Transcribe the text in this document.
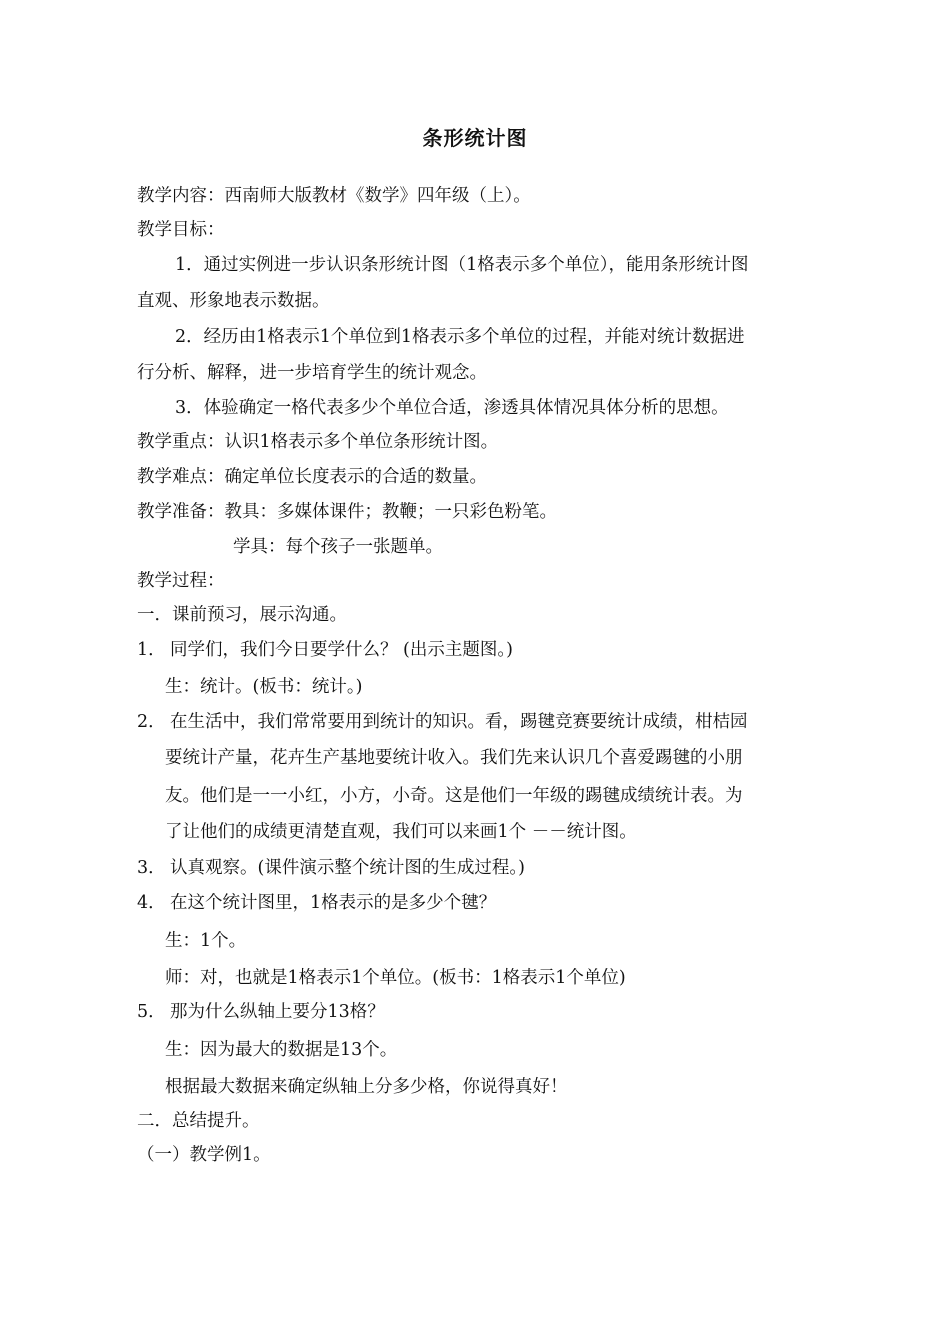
条形统计图
教学内容：西南师大版教材《数学》四年级（上）。
教学目标：
1．通过实例进一步认识条形统计图（1格表示多个单位），能用条形统计图
直观、形象地表示数据。
2．经历由1格表示1个单位到1格表示多个单位的过程，并能对统计数据进
行分析、解释，进一步培育学生的统计观念。
3．体验确定一格代表多少个单位合适，渗透具体情况具体分析的思想。
教学重点：认识1格表示多个单位条形统计图。
教学难点：确定单位长度表示的合适的数量。
教学准备：教具：多媒体课件；教鞭；一只彩色粉笔。
学具：每个孩子一张题单。
教学过程：
一．课前预习，展示沟通。
1． 同学们，我们今日要学什么？ (出示主题图。)
生：统计。(板书：统计。)
2． 在生活中，我们常常要用到统计的知识。看，踢毽竞赛要统计成绩，柑桔园
要统计产量，花卉生产基地要统计收入。我们先来认识几个喜爱踢毽的小朋
友。他们是一一小红，小方，小奇。这是他们一年级的踢毽成绩统计表。为
了让他们的成绩更清楚直观，我们可以来画1个 －－统计图。
3． 认真观察。(课件演示整个统计图的生成过程。)
4． 在这个统计图里，1格表示的是多少个毽？
生：1个。
师：对，也就是1格表示1个单位。(板书：1格表示1个单位)
5． 那为什么纵轴上要分13格？
生：因为最大的数据是13个。
根据最大数据来确定纵轴上分多少格，你说得真好！
二．总结提升。
（一）教学例1。
